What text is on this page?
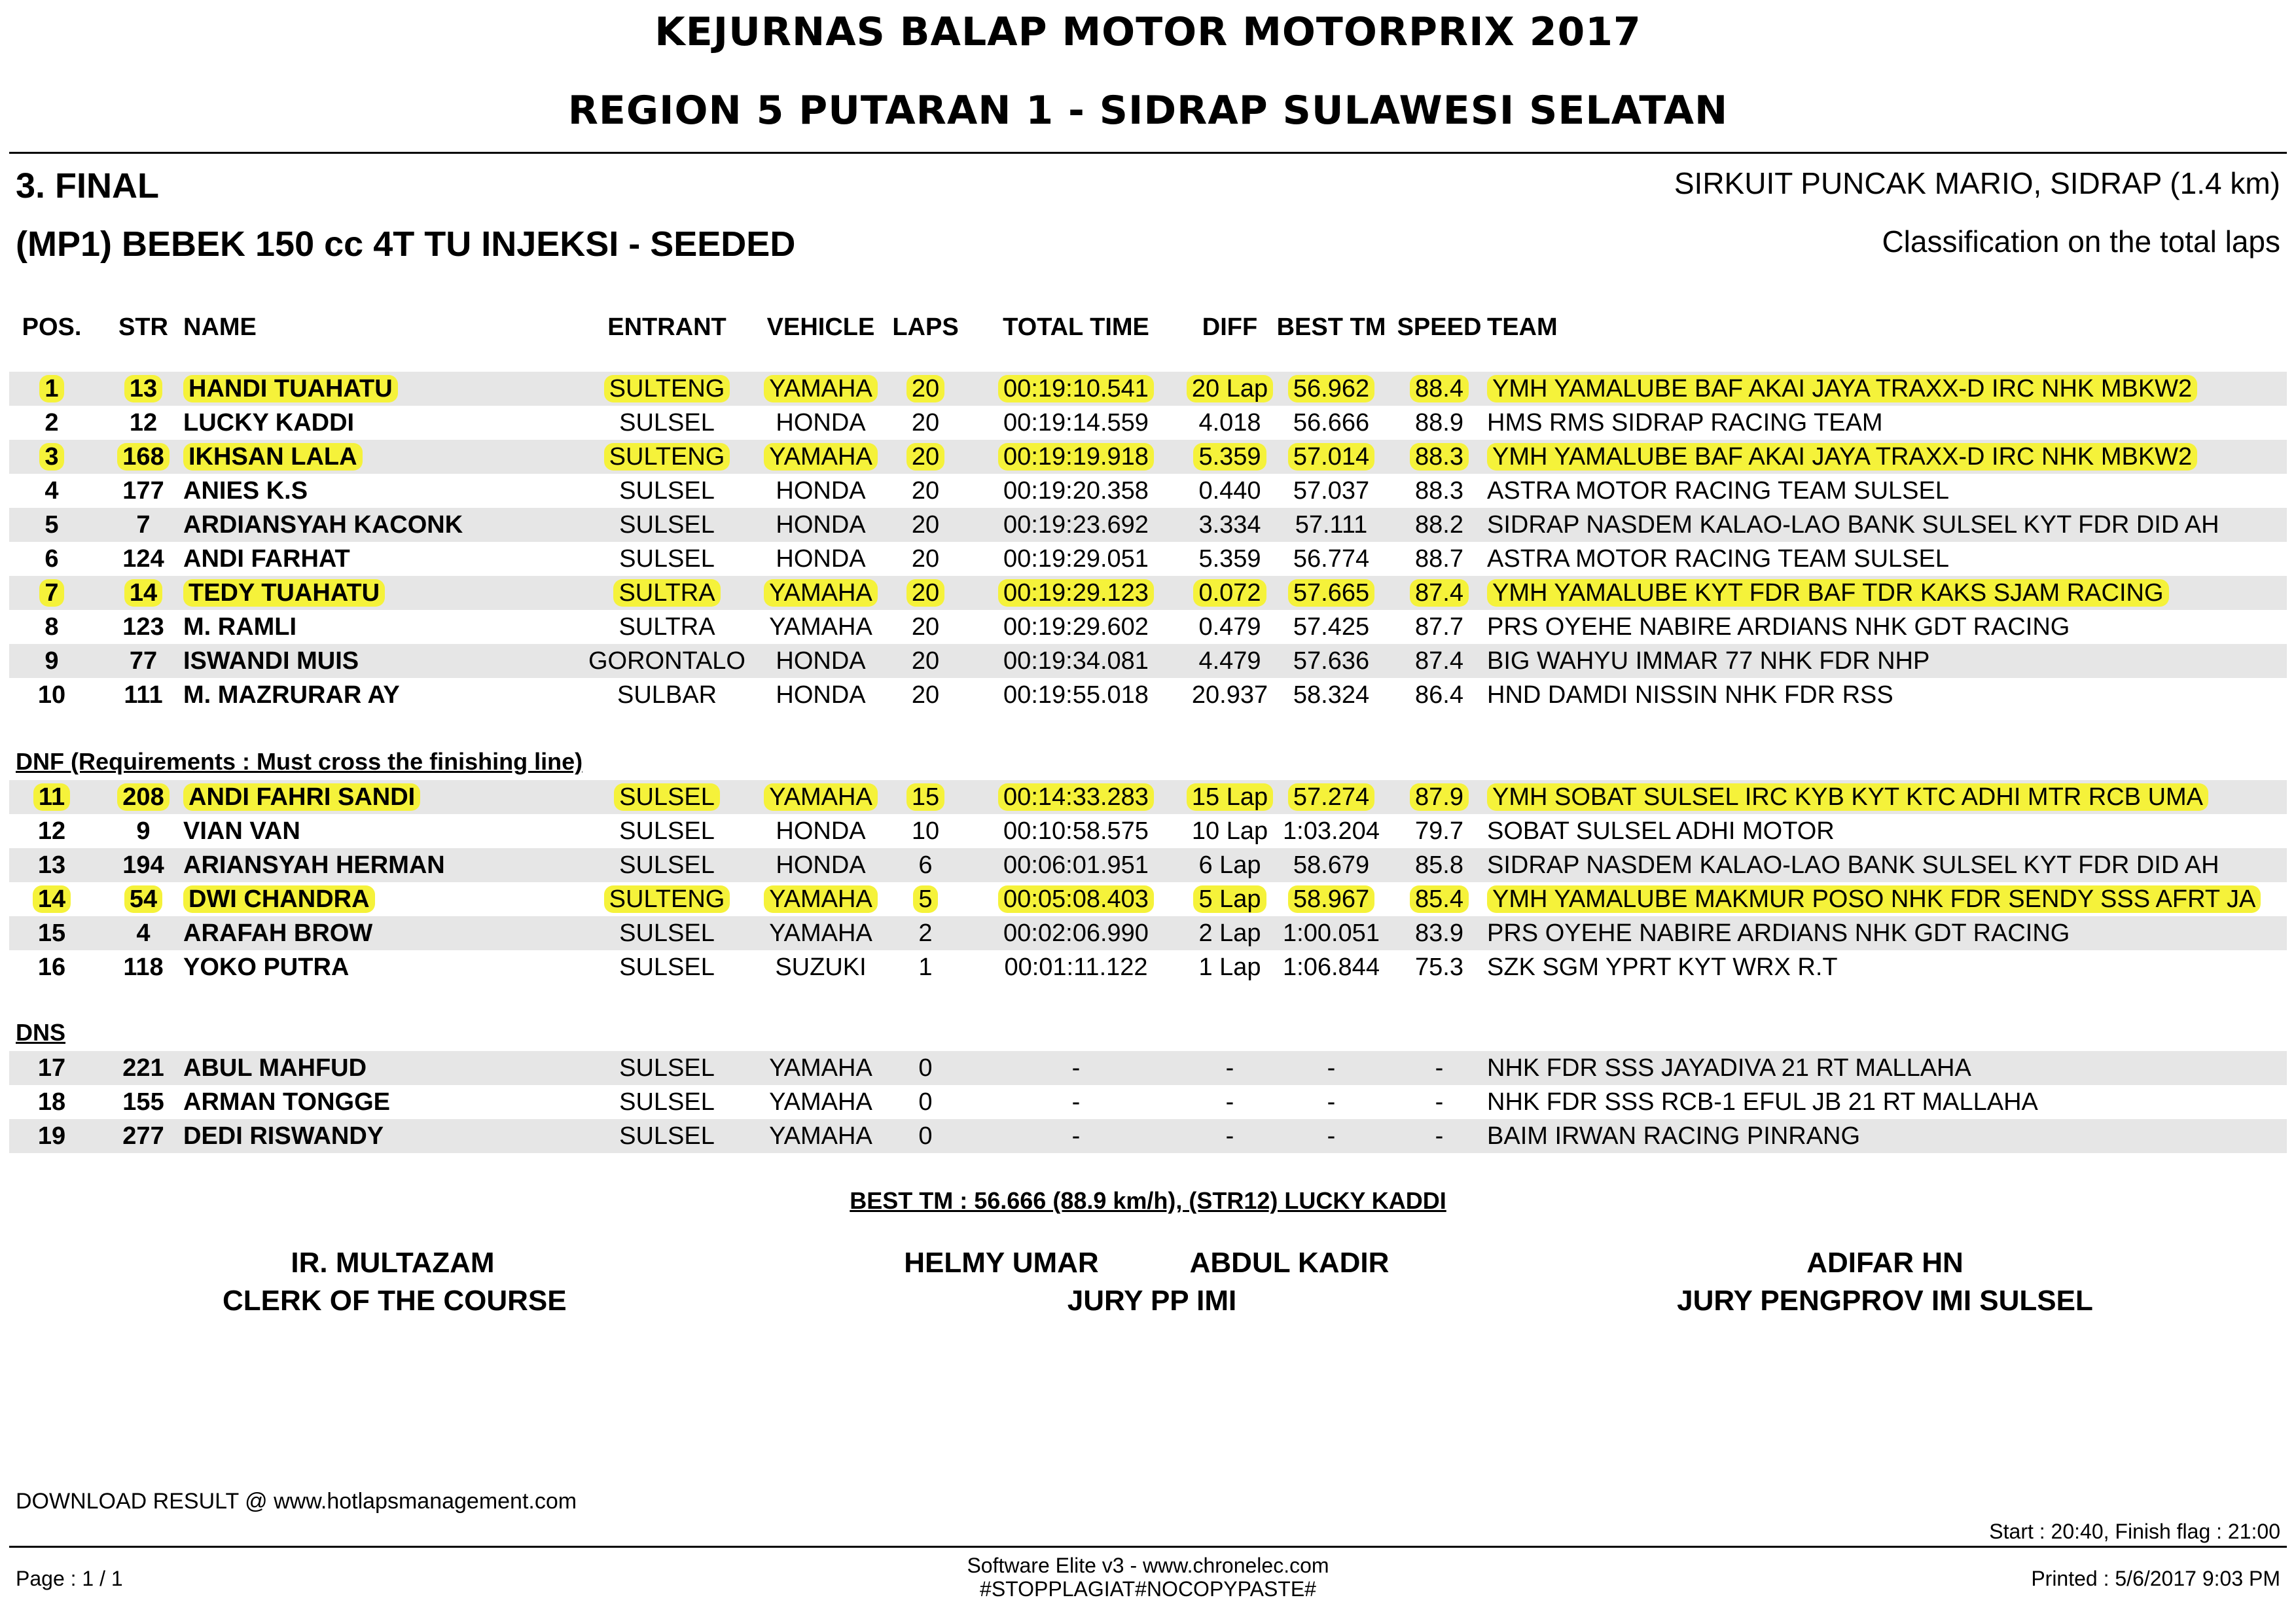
KEJURNAS BALAP MOTOR MOTORPRIX 2017
REGION 5 PUTARAN 1 - SIDRAP SULAWESI SELATAN
3. FINAL
(MP1) BEBEK 150 cc 4T TU INJEKSI - SEEDED
SIRKUIT PUNCAK MARIO, SIDRAP (1.4 km)
Classification on the total laps
POS.	STR NAME	ENTRANT	VEHICLE LAPS	TOTAL TIME	DIFF BEST TM SPEED TEAM
1	13	HANDI TUAHATU	SULTENG	YAMAHA	20	00:19:10.541	20 Lap	56.962	88.4	YMH YAMALUBE BAF AKAI JAYA TRAXX-D IRC NHK MBKW2
2	12	LUCKY KADDI	SULSEL	HONDA	20	00:19:14.559	4.018	56.666	88.9 HMS RMS SIDRAP RACING TEAM
3	168 IKHSAN LALA	SULTENG	YAMAHA	20	00:19:19.918	5.359	57.014	88.3	YMH YAMALUBE BAF AKAI JAYA TRAXX-D IRC NHK MBKW2
4	177 ANIES K.S	SULSEL	HONDA	20	00:19:20.358	0.440	57.037	88.3 ASTRA MOTOR RACING TEAM SULSEL
5	7	ARDIANSYAH KACONK	SULSEL	HONDA	20	00:19:23.692	3.334	57.111	88.2 SIDRAP NASDEM KALAO-LAO BANK SULSEL KYT FDR DID AH
6	124 ANDI FARHAT	SULSEL	HONDA	20	00:19:29.051	5.359	56.774	88.7 ASTRA MOTOR RACING TEAM SULSEL
7	14	TEDY TUAHATU	SULTRA	YAMAHA	20	00:19:29.123	0.072	57.665	87.4	YMH YAMALUBE KYT FDR BAF TDR KAKS SJAM RACING
8	123 M. RAMLI	SULTRA	YAMAHA	20	00:19:29.602	0.479	57.425	87.7 PRS OYEHE NABIRE ARDIANS NHK GDT RACING
9	77	ISWANDI MUIS	GORONTALO	HONDA	20	00:19:34.081	4.479	57.636	87.4 BIG WAHYU IMMAR 77 NHK FDR NHP
10	111 M. MAZRURAR AY	SULBAR	HONDA	20	00:19:55.018	20.937	58.324	86.4 HND DAMDI NISSIN NHK FDR RSS
DNF (Requirements : Must cross the finishing line)
11	208 ANDI FAHRI SANDI	SULSEL	YAMAHA	15	00:14:33.283	15 Lap	57.274	87.9	YMH SOBAT SULSEL IRC KYB KYT KTC ADHI MTR RCB UMA
12	9	VIAN VAN	SULSEL	HONDA	10	00:10:58.575	10 Lap 1:03.204	79.7 SOBAT SULSEL ADHI MOTOR
13	194 ARIANSYAH HERMAN	SULSEL	HONDA	6	00:06:01.951	6 Lap	58.679	85.8 SIDRAP NASDEM KALAO-LAO BANK SULSEL KYT FDR DID AH
14	54	DWI CHANDRA	SULTENG	YAMAHA	5	00:05:08.403	5 Lap	58.967	85.4	YMH YAMALUBE MAKMUR POSO NHK FDR SENDY SSS AFRT JA
15	4	ARAFAH BROW	SULSEL	YAMAHA	2	00:02:06.990	2 Lap 1:00.051	83.9 PRS OYEHE NABIRE ARDIANS NHK GDT RACING
16	118 YOKO PUTRA	SULSEL	SUZUKI	1	00:01:11.122	1 Lap 1:06.844	75.3 SZK SGM YPRT KYT WRX R.T
DNS
17	221 ABUL MAHFUD	SULSEL	YAMAHA	0	-	-	-	-	NHK FDR SSS JAYADIVA 21 RT MALLAHA
18	155 ARMAN TONGGE	SULSEL	YAMAHA	0	-	-	-	-	NHK FDR SSS RCB-1 EFUL JB 21 RT MALLAHA
19	277 DEDI RISWANDY	SULSEL	YAMAHA	0	-	-	-	-	BAIM IRWAN RACING PINRANG
BEST TM : 56.666 (88.9 km/h), (STR12) LUCKY KADDI
IR. MULTAZAM
CLERK OF THE COURSE
HELMY UMAR	ABDUL KADIR
JURY PP IMI
ADIFAR HN
JURY PENGPROV IMI SULSEL
DOWNLOAD RESULT @ www.hotlapsmanagement.com
Start : 20:40, Finish flag : 21:00
Page : 1 / 1
Software Elite v3 - www.chronelec.com
#STOPPLAGIAT#NOCOPYPASTE#	Printed : 5/6/2017 9:03 PM
